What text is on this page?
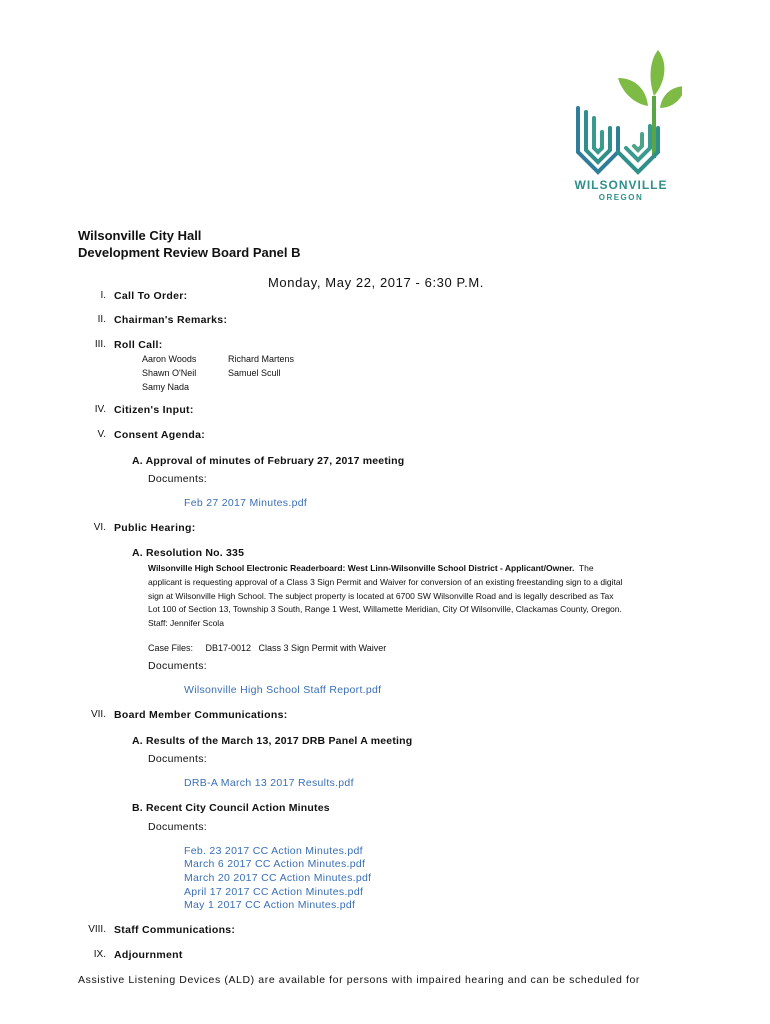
WILSONVILLE
OREGON
Wilsonville City Hall
Development Review Board Panel B
Monday, May 22, 2017 - 6:30 P.M.
I. Call To Order:
II. Chairman's Remarks:
III. Roll Call:
Aaron Woods	Richard Martens
Shawn O'Neil	Samuel Scull
Samy Nada
IV. Citizen's Input:
V. Consent Agenda:
A. Approval of minutes of February 27, 2017 meeting
Documents:
Feb 27 2017 Minutes.pdf
VI. Public Hearing:
A. Resolution No. 335
Wilsonville High School Electronic Readerboard: West Linn-Wilsonville School District - Applicant/Owner. The
applicant is requesting approval of a Class 3 Sign Permit and Waiver for conversion of an existing freestanding sign to a digital
sign at Wilsonville High School. The subject property is located at 6700 SW Wilsonville Road and is legally described as Tax
Lot 100 of Section 13, Township 3 South, Range 1 West, Willamette Meridian, City Of Wilsonville, Clackamas County, Oregon.
Staff: Jennifer Scola
Case Files:     DB17-0012   Class 3 Sign Permit with Waiver
Documents:
Wilsonville High School Staff Report.pdf
VII. Board Member Communications:
A. Results of the March 13, 2017 DRB Panel A meeting
Documents:
DRB-A March 13 2017 Results.pdf
B. Recent City Council Action Minutes
Documents:
Feb. 23 2017 CC Action Minutes.pdf
March 6 2017 CC Action Minutes.pdf
March 20 2017 CC Action Minutes.pdf
April 17 2017 CC Action Minutes.pdf
May 1 2017 CC Action Minutes.pdf
VIII. Staff Communications:
IX. Adjournment
Assistive Listening Devices (ALD) are available for persons with impaired hearing and can be scheduled for
